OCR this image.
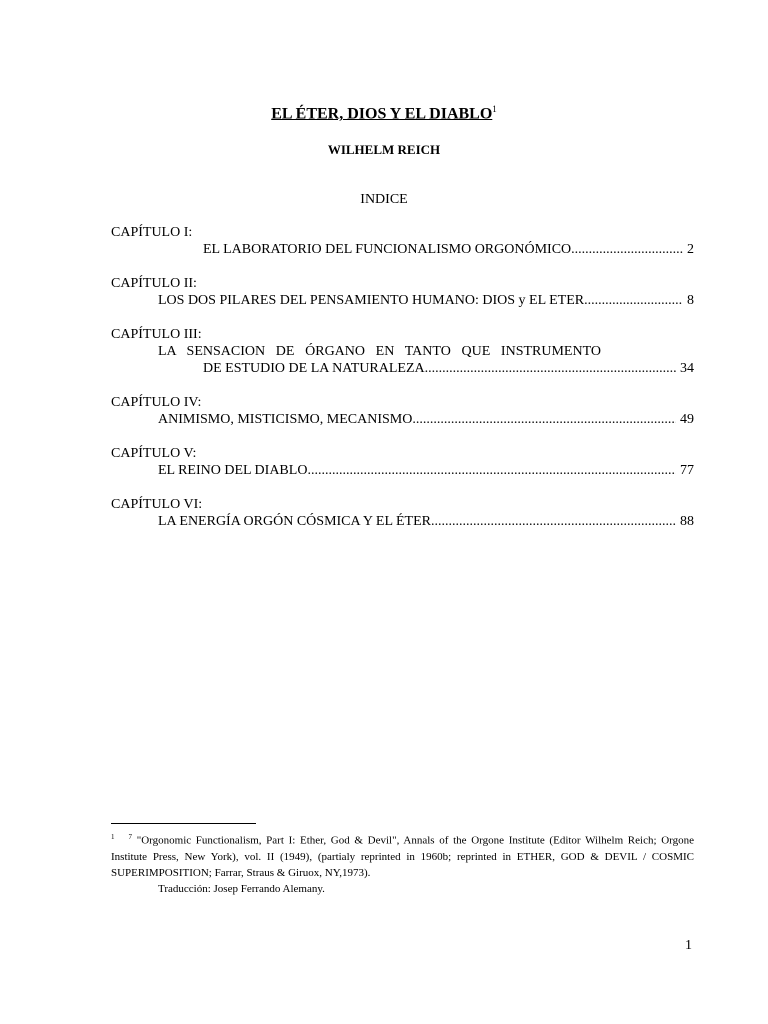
EL ÉTER, DIOS Y EL DIABLO$^1$
WILHELM REICH
INDICE
CAPÍTULO I:
EL LABORATORIO DEL FUNCIONALISMO ORGONÓMICO .....	2
CAPÍTULO II:
LOS DOS PILARES DEL PENSAMIENTO HUMANO: DIOS y EL ETER .....	8
CAPÍTULO III:
LA SENSACION DE ÓRGANO EN TANTO QUE INSTRUMENTO
DE ESTUDIO DE LA NATURALEZA .....	34
CAPÍTULO IV:
ANIMISMO, MISTICISMO, MECANISMO .....	49
CAPÍTULO V:
EL REINO DEL DIABLO .....	77
CAPÍTULO VI:
LA ENERGÍA ORGÓN CÓSMICA Y EL ÉTER .....	88
$^1$ $^7$ "Orgonomic Functionalism, Part I: Ether, God & Devil", Annals of the Orgone Institute (Editor Wilhelm Reich; Orgone Institute Press, New York), vol. II (1949), (partialy reprinted in 1960b; reprinted in ETHER, GOD & DEVIL / COSMIC SUPERIMPOSITION; Farrar, Straus & Giruox, NY,1973).
Traducción: Josep Ferrando Alemany.
1
